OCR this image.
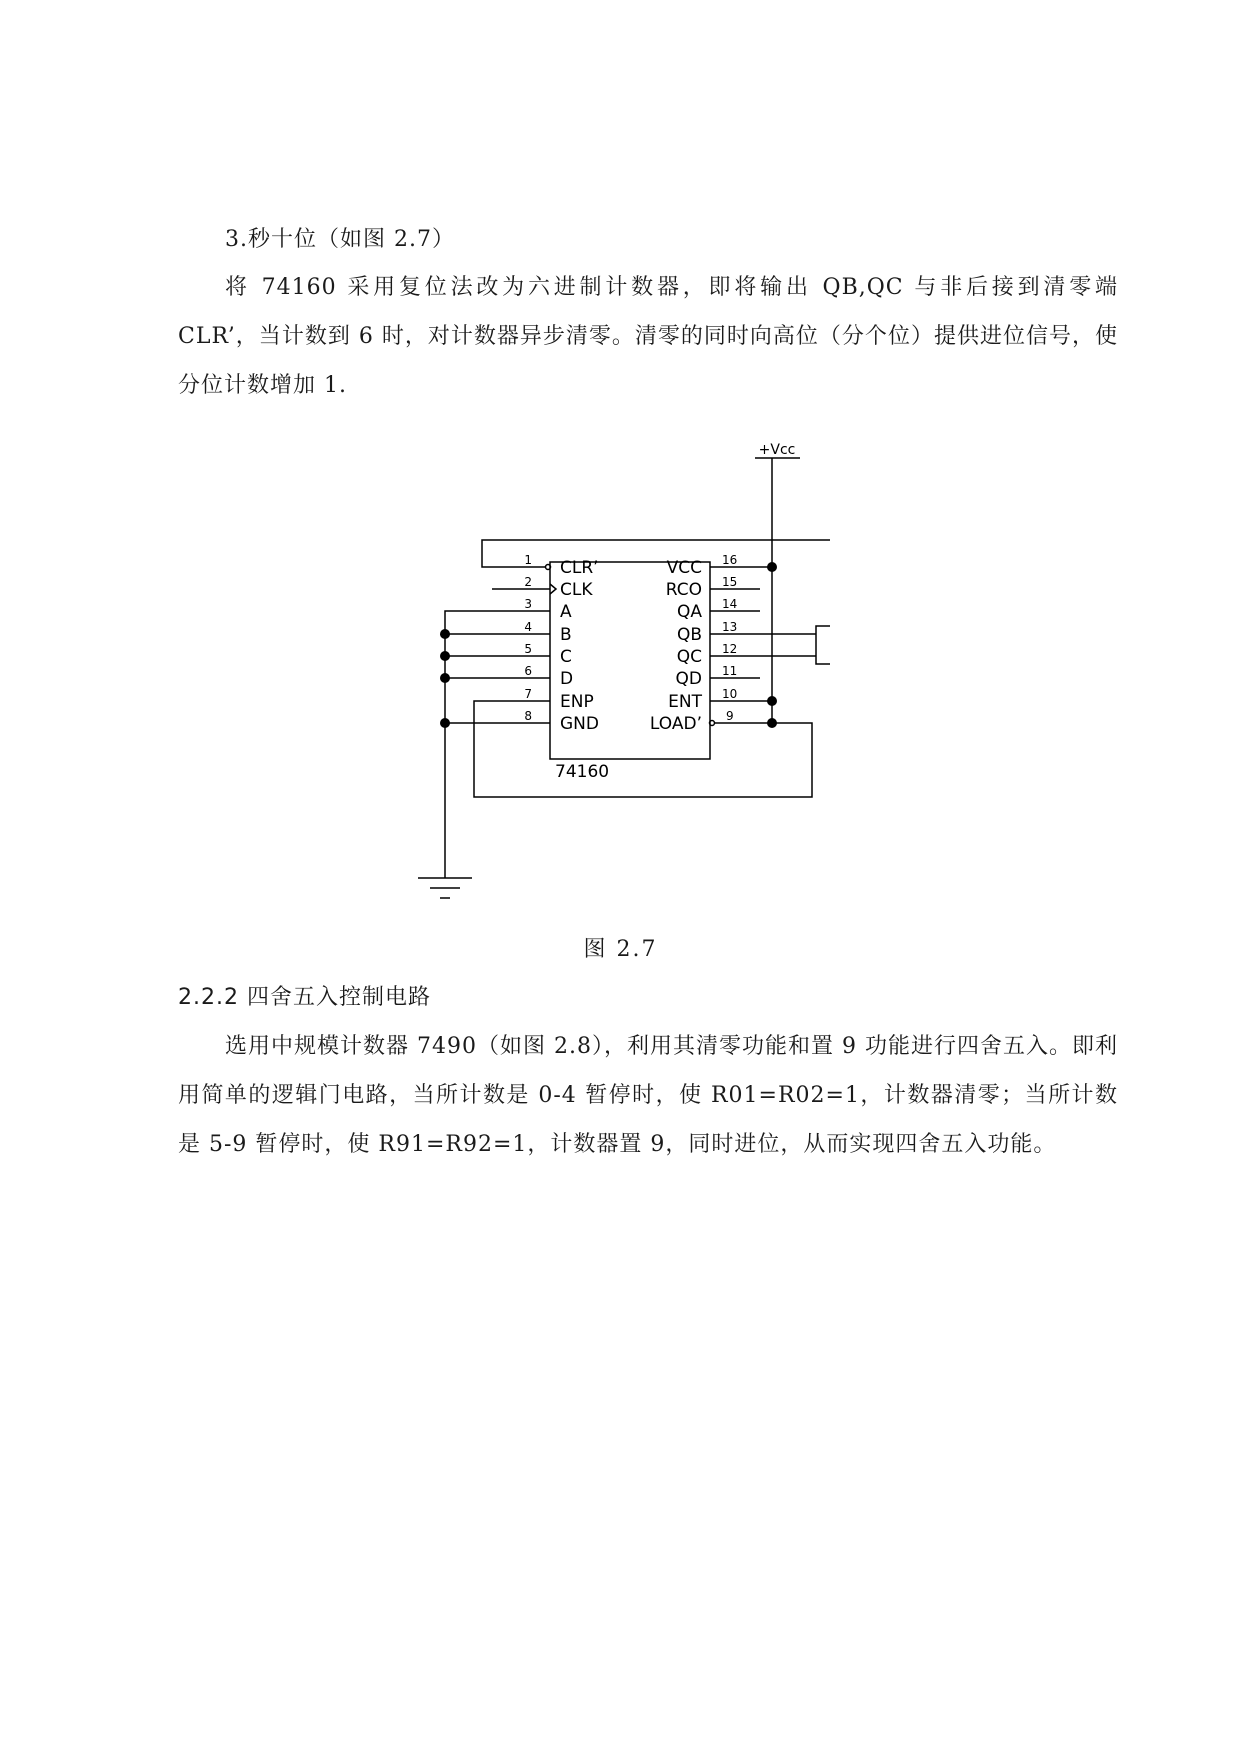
3.秒十位（如图 2.7）
将 74160 采用复位法改为六进制计数器，即将输出 QB,QC 与非后接到清零端 CLR’，当计数到 6 时，对计数器异步清零。清零的同时向高位（分个位）提供进位信号，使分位计数增加 1.
+Vcc
1
2
3
4
5
6
7
8
CLR’
CLK
A
B
C
D
ENP
GND
VCC
RCO
QA
QB
QC
QD
ENT
LOAD’
16
15
14
13
12
11
10
9
74160
图 2.7
2.2.2 四舍五入控制电路
选用中规模计数器 7490（如图 2.8），利用其清零功能和置 9 功能进行四舍五入。即利用简单的逻辑门电路，当所计数是 0-4 暂停时，使 R01=R02=1，计数器清零；当所计数是 5-9 暂停时，使 R91=R92=1，计数器置 9，同时进位，从而实现四舍五入功能。
